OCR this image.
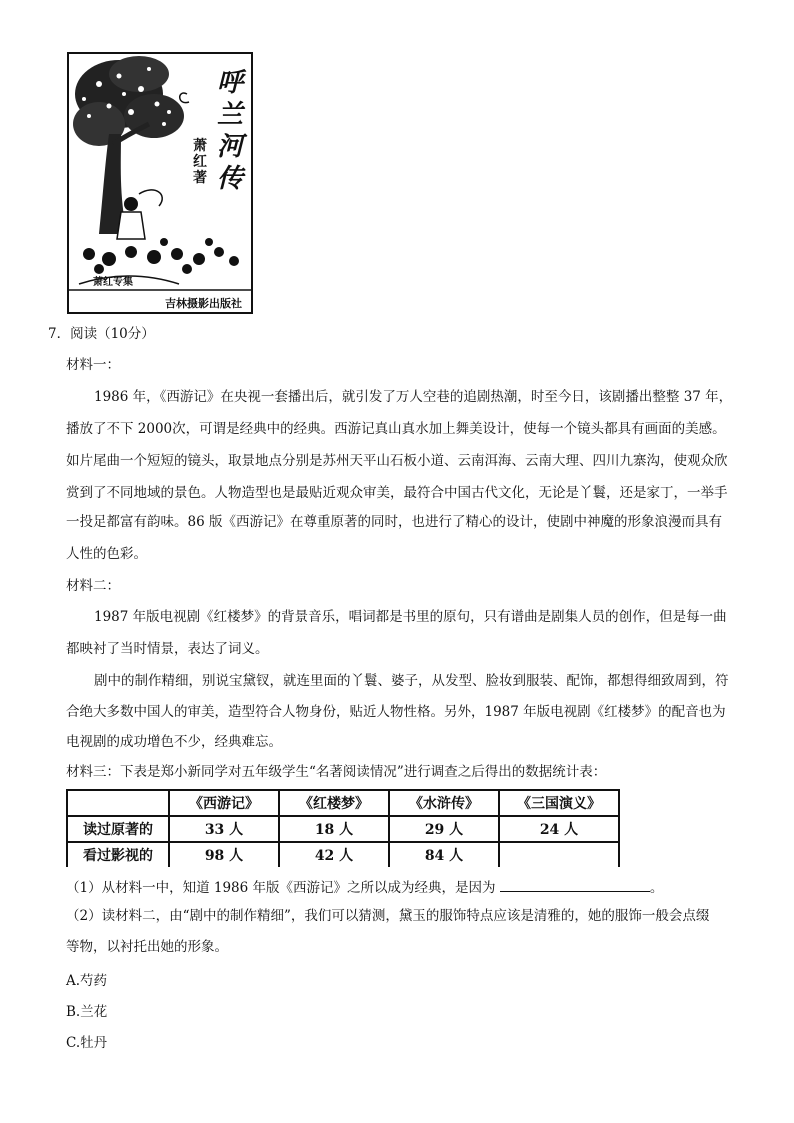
呼
兰
河
传
萧
红
著
萧红专集
吉林摄影出版社
7．阅读（10分）
材料一：
1986 年，《西游记》在央视一套播出后，就引发了万人空巷的追剧热潮，时至今日，该剧播出整整 37 年，
播放了不下 2000次，可谓是经典中的经典。西游记真山真水加上舞美设计，使每一个镜头都具有画面的美感。
如片尾曲一个短短的镜头，取景地点分别是苏州天平山石板小道、云南洱海、云南大理、四川九寨沟，使观众欣
赏到了不同地域的景色。人物造型也是最贴近观众审美，最符合中国古代文化，无论是丫鬟，还是家丁，一举手
一投足都富有韵味。86 版《西游记》在尊重原著的同时，也进行了精心的设计，使剧中神魔的形象浪漫而具有
人性的色彩。
材料二：
1987 年版电视剧《红楼梦》的背景音乐，唱词都是书里的原句，只有谱曲是剧集人员的创作，但是每一曲
都映衬了当时情景，表达了词义。
剧中的制作精细，别说宝黛钗，就连里面的丫鬟、婆子，从发型、脸妆到服装、配饰，都想得细致周到，符
合绝大多数中国人的审美，造型符合人物身份，贴近人物性格。另外，1987 年版电视剧《红楼梦》的配音也为
电视剧的成功增色不少，经典难忘。
材料三：下表是郑小新同学对五年级学生“名著阅读情况”进行调查之后得出的数据统计表：
	《西游记》	《红楼梦》	《水浒传》	《三国演义》
读过原著的	33 人	18 人	29 人	24 人
看过影视的	98 人	42 人	84 人	
（1）从材料一中，知道 1986 年版《西游记》之所以成为经典，是因为	。
（2）读材料二，由“剧中的制作精细”，我们可以猜测，黛玉的服饰特点应该是清雅的，她的服饰一般会点缀
等物，以衬托出她的形象。
A.芍药
B.兰花
C.牡丹
